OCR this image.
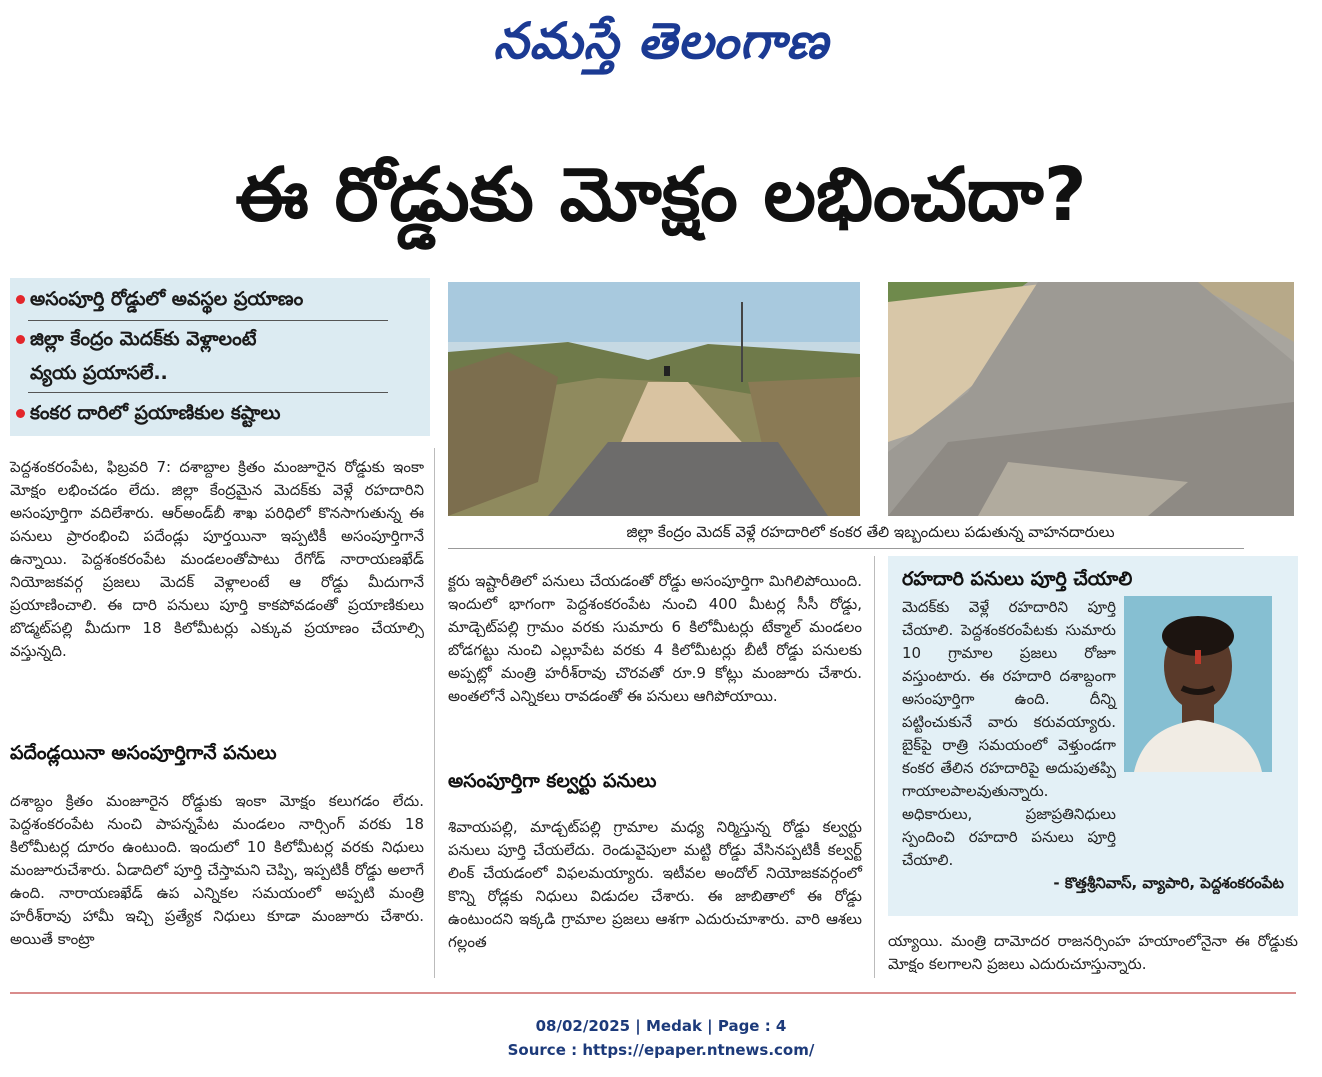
నమస్తే తెలంగాణ
ఈ రోడ్డుకు మోక్షం లభించదా?
అసంపూర్తి రోడ్డులో అవస్థల ప్రయాణం
జిల్లా కేంద్రం మెదక్‌కు వెళ్లాలంటే
వ్యయ ప్రయాసలే..
కంకర దారిలో ప్రయాణికుల కష్టాలు
జిల్లా కేంద్రం మెదక్ వెళ్లే రహదారిలో కంకర తేలి ఇబ్బందులు పడుతున్న వాహనదారులు
పెద్దశంకరంపేట, ఫిబ్రవరి 7: దశాబ్దాల క్రితం మంజూరైన రోడ్డుకు ఇంకా మోక్షం లభించడం లేదు. జిల్లా కేంద్రమైన మెదక్‌కు వెళ్లే రహదారిని అసంపూర్తిగా వదిలేశారు. ఆర్‌అండ్‌బీ శాఖ పరిధిలో కొనసాగుతున్న ఈ పనులు ప్రారంభించి పదేండ్లు పూర్తయినా ఇప్పటికీ అసంపూర్తిగానే ఉన్నాయి. పెద్దశంకరంపేట మండలంతోపాటు రేగోడ్ నారాయణఖేడ్ నియోజకవర్గ ప్రజలు మెదక్ వెళ్లాలంటే ఆ రోడ్డు మీదుగానే ప్రయాణించాలి. ఈ దారి పనులు పూర్తి కాకపోవడంతో ప్రయాణికులు బొడ్మట్‌పల్లి మీదుగా 18 కిలోమీటర్లు ఎక్కువ ప్రయాణం చేయాల్సి వస్తున్నది.
పదేండ్లయినా అసంపూర్తిగానే పనులు
దశాబ్దం క్రితం మంజూరైన రోడ్డుకు ఇంకా మోక్షం కలుగడం లేదు. పెద్దశంకరంపేట నుంచి పాపన్నపేట మండలం నార్సింగ్ వరకు 18 కిలోమీటర్ల దూరం ఉంటుంది. ఇందులో 10 కిలోమీటర్ల వరకు నిధులు మంజూరుచేశారు. ఏడాదిలో పూర్తి చేస్తామని చెప్పి, ఇప్పటికీ రోడ్డు అలాగే ఉంది. నారాయణఖేడ్ ఉప ఎన్నికల సమయంలో అప్పటి మంత్రి హరీశ్‌రావు హామీ ఇచ్చి ప్రత్యేక నిధులు కూడా మంజూరు చేశారు. అయితే కాంట్రా
క్టరు ఇష్టారీతిలో పనులు చేయడంతో రోడ్డు అసంపూర్తిగా మిగిలిపోయింది. ఇందులో భాగంగా పెద్దశంకరంపేట నుంచి 400 మీటర్ల సీసీ రోడ్డు, మాడ్చెట్‌పల్లి గ్రామం వరకు సుమారు 6 కిలోమీటర్లు టేక్మాల్ మండలం బోడగట్టు నుంచి ఎల్లూపేట వరకు 4 కిలోమీటర్లు బీటీ రోడ్డు పనులకు అప్పట్లో మంత్రి హరీశ్‌రావు చొరవతో రూ.9 కోట్లు మంజూరు చేశారు. అంతలోనే ఎన్నికలు రావడంతో ఈ పనులు ఆగిపోయాయి.
అసంపూర్తిగా కల్వర్టు పనులు
శివాయపల్లి, మాడ్చట్‌పల్లి గ్రామాల మధ్య నిర్మిస్తున్న రోడ్డు కల్వర్టు పనులు పూర్తి చేయలేదు. రెండువైపులా మట్టి రోడ్డు వేసినప్పటికీ కల్వర్ట్ లింక్ చేయడంలో విఫలమయ్యారు. ఇటీవల అందోల్ నియోజకవర్గంలో కొన్ని రోడ్లకు నిధులు విడుదల చేశారు. ఈ జాబితాలో ఈ రోడ్డు ఉంటుందని ఇక్కడి గ్రామాల ప్రజలు ఆశగా ఎదురుచూశారు. వారి ఆశలు గల్లంత
రహదారి పనులు పూర్తి చేయాలి
మెదక్‌కు వెళ్లే రహదారిని పూర్తి చేయాలి. పెద్దశంకరంపేటకు సుమారు 10 గ్రామాల ప్రజలు రోజూ వస్తుంటారు. ఈ రహదారి దశాబ్దంగా అసంపూర్తిగా ఉంది. దీన్ని పట్టించుకునే వారు కరువయ్యారు. బైక్‌పై రాత్రి సమయంలో వెళ్తుండగా కంకర తేలిన రహదారిపై అదుపుతప్పి గాయాలపాలవుతున్నారు. అధికారులు, ప్రజాప్రతినిధులు స్పందించి రహదారి పనులు పూర్తి చేయాలి.
- కొత్తశ్రీనివాస్, వ్యాపారి, పెద్దశంకరంపేట
య్యాయి. మంత్రి దామోదర రాజనర్సింహ హయాంలోనైనా ఈ రోడ్డుకు మోక్షం కలగాలని ప్రజలు ఎదురుచూస్తున్నారు.
08/02/2025 | Medak | Page : 4
Source : https://epaper.ntnews.com/
